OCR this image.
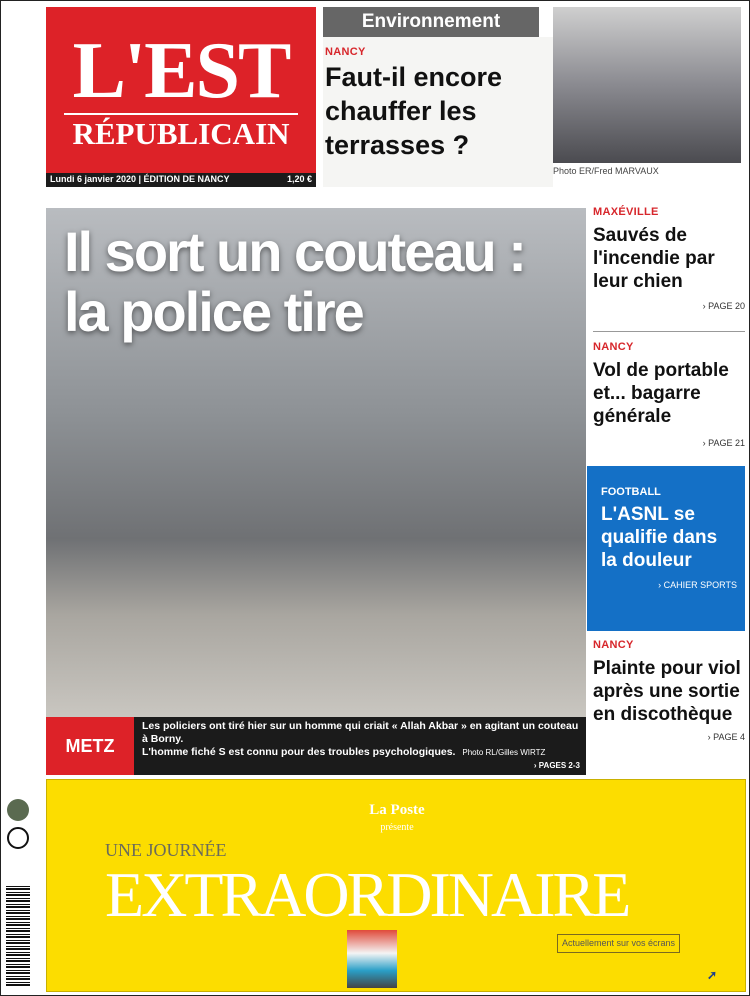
L'EST
RÉPUBLICAIN
Lundi 6 janvier 2020 | ÉDITION DE NANCY	1,20 €
Environnement
NANCY
Faut-il encore chauffer les terrasses ?
Photo ER/Fred MARVAUX
Il sort un couteau :
la police tire
METZ
Les policiers ont tiré hier sur un homme qui criait « Allah Akbar » en agitant un couteau à Borny.
L'homme fiché S est connu pour des troubles psychologiques. Photo RL/Gilles WIRTZ
› PAGES 2-3
MAXÉVILLE
Sauvés de l'incendie par leur chien
› PAGE 20
NANCY
Vol de portable et... bagarre générale
› PAGE 21
FOOTBALL
L'ASNL se qualifie dans la douleur
› CAHIER SPORTS
NANCY
Plainte pour viol après une sortie en discothèque
› PAGE 4
La Poste
présente
UNE JOURNÉE
EXTRAORDINAIRE
Actuellement sur vos écrans
➚
